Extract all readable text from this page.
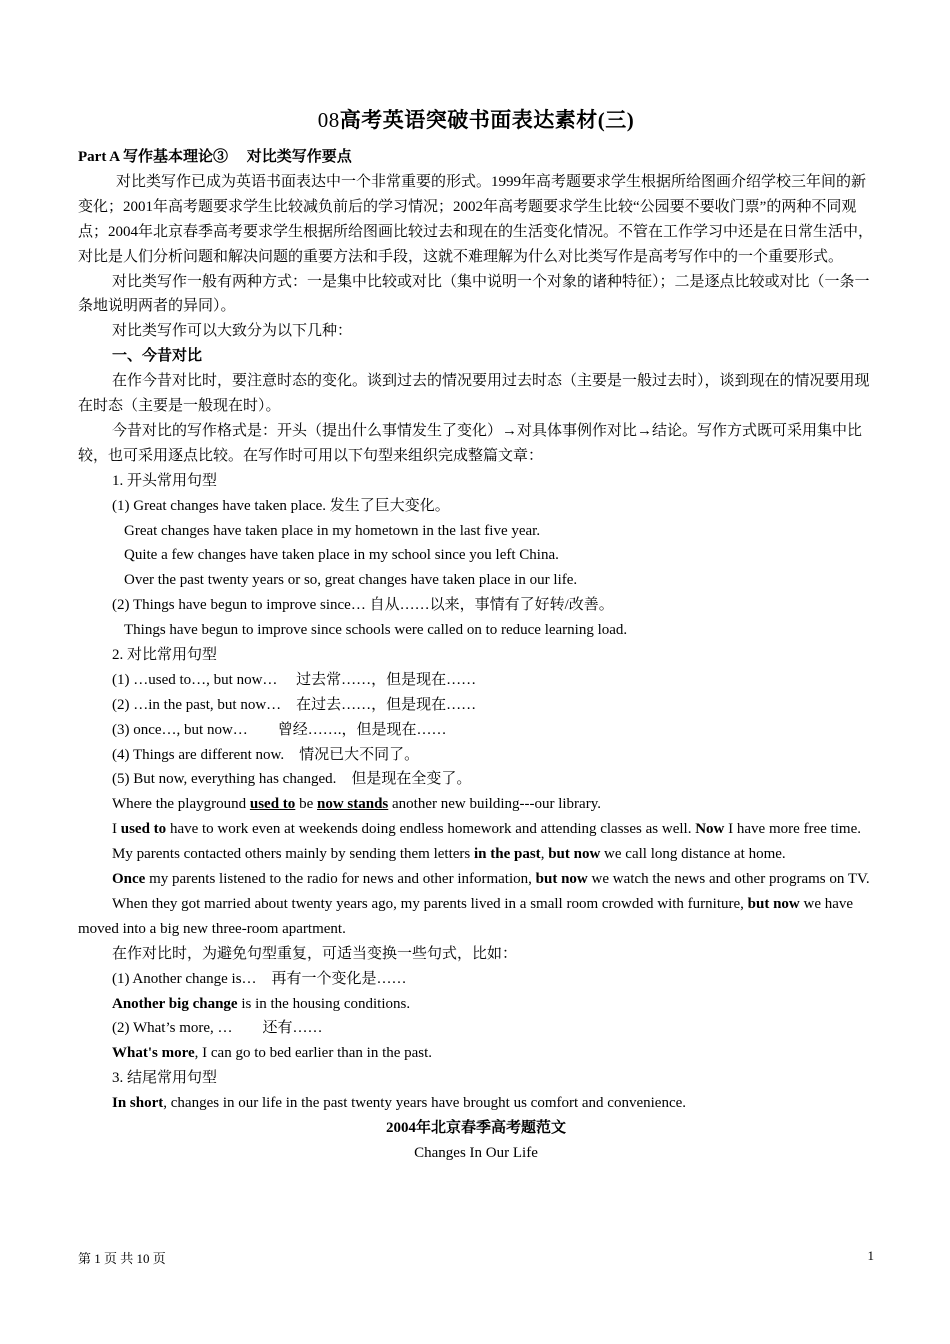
08高考英语突破书面表达素材(三)
Part A 写作基本理论③　 对比类写作要点
对比类写作已成为英语书面表达中一个非常重要的形式。1999年高考题要求学生根据所给图画介绍学校三年间的新变化；2001年高考题要求学生比较减负前后的学习情况；2002年高考题要求学生比较“公园要不要收门票”的两种不同观点；2004年北京春季高考要求学生根据所给图画比较过去和现在的生活变化情况。不管在工作学习中还是在日常生活中，对比是人们分析问题和解决问题的重要方法和手段，这就不难理解为什么对比类写作是高考写作中的一个重要形式。
对比类写作一般有两种方式：一是集中比较或对比（集中说明一个对象的诸种特征）；二是逐点比较或对比（一条一条地说明两者的异同）。
对比类写作可以大致分为以下几种：
一、今昔对比
在作今昔对比时，要注意时态的变化。谈到过去的情况要用过去时态（主要是一般过去时），谈到现在的情况要用现在时态（主要是一般现在时）。
今昔对比的写作格式是：开头（提出什么事情发生了变化）→对具体事例作对比→结论。写作方式既可采用集中比较，也可采用逐点比较。在写作时可用以下句型来组织完成整篇文章：
1. 开头常用句型
(1) Great changes have taken place. 发生了巨大变化。
Great changes have taken place in my hometown in the last five year.
Quite a few changes have taken place in my school since you left China.
Over the past twenty years or so, great changes have taken place in our life.
(2) Things have begun to improve since… 自从……以来，事情有了好转/改善。
Things have begun to improve since schools were called on to reduce learning load.
2. 对比常用句型
(1) …used to…, but now…　 过去常……，但是现在……
(2) …in the past, but now…　在过去……，但是现在……
(3) once…, but now…　　曾经…….，但是现在……
(4) Things are different now.　情况已大不同了。
(5) But now, everything has changed.　但是现在全变了。
Where the playground used to be now stands another new building---our library.
I used to have to work even at weekends doing endless homework and attending classes as well. Now I have more free time.
My parents contacted others mainly by sending them letters in the past, but now we call long distance at home.
Once my parents listened to the radio for news and other information, but now we watch the news and other programs on TV.
When they got married about twenty years ago, my parents lived in a small room crowded with furniture, but now we have moved into a big new three-room apartment.
在作对比时，为避免句型重复，可适当变换一些句式，比如：
(1) Another change is…　再有一个变化是……
Another big change is in the housing conditions.
(2) What’s more, …　　还有……
What's more, I can go to bed earlier than in the past.
3. 结尾常用句型
In short, changes in our life in the past twenty years have brought us comfort and convenience.
2004年北京春季高考题范文
Changes In Our Life
第 1 页 共 10 页	1
